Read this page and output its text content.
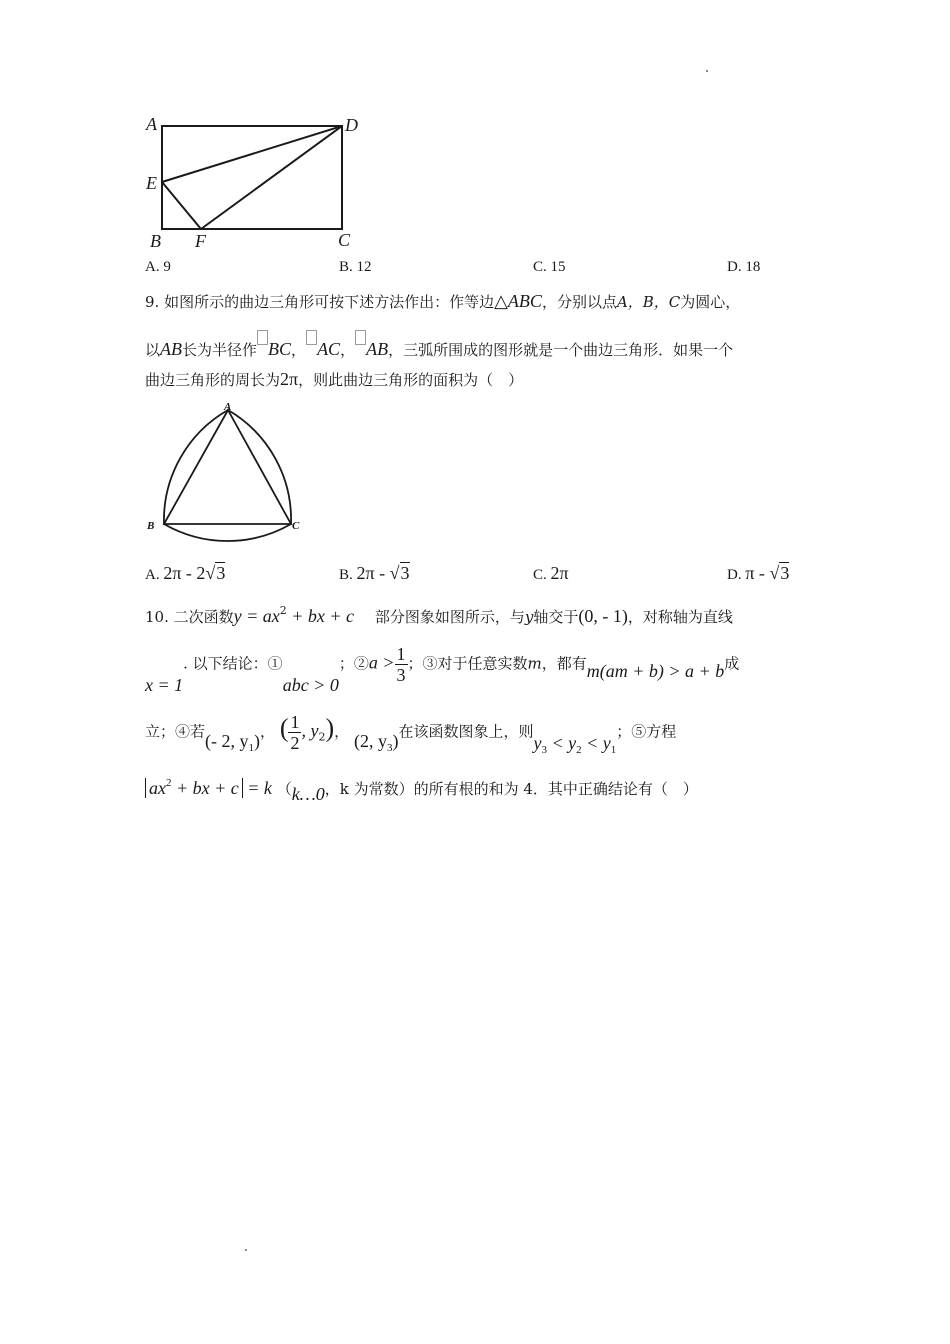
A	D
E
B F	C
A. 9	B. 12	C. 15	D. 18
9. 如图所示的曲边三角形可按下述方法作出：作等边△ABC，分别以点A，B，C为圆心，
以AB长为半径作 BC， AC， AB，三弧所围成的图形就是一个曲边三角形．如果一个
曲边三角形的周长为2π，则此曲边三角形的面积为（　）
A
B	C
A. 2π - 2√3	B. 2π - √3	C. 2π	D. π - √3
10. 二次函数$y = ax^2$ + bx + c 部分图象如图所示，与y轴交于(0, - 1)，对称轴为直线
x = 1. 以下结论：①abc > 0；②a > $\frac{1}{3}$ ；③对于任意实数m，都有m(am + b) > a + b成
立；④若(- 2, $y_1$)， ( $\frac{1}{2}$ , $y_2$)， (2, $y_3$)在该函数图象上，则$y_3 < y_2 < y_1$；⑤方程
$ax^2$ + bx + c = k （k…0，k 为常数）的所有根的和为 4．其中正确结论有（　）
